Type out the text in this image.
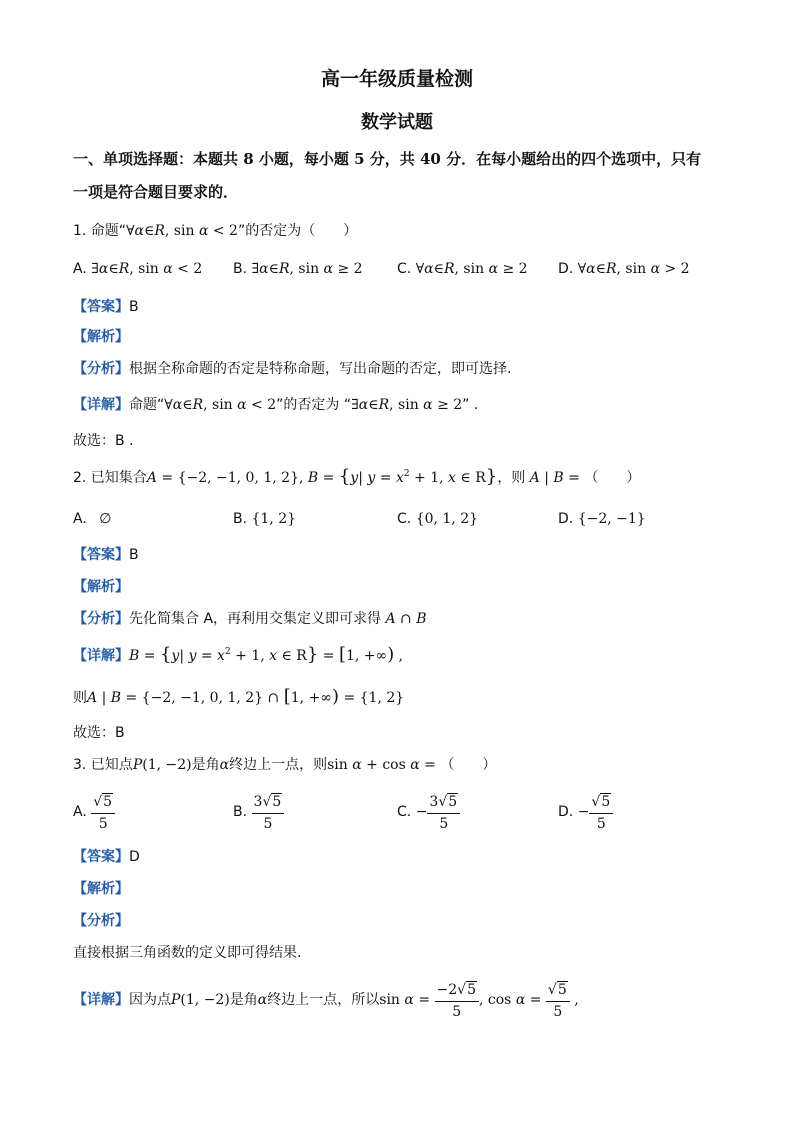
高一年级质量检测
数学试题
一、单项选择题：本题共 8 小题，每小题 5 分，共 40 分．在每小题给出的四个选项中，只有
一项是符合题目要求的．
1. 命题“∀α∈R, sin α < 2”的否定为（　　）
A. ∃α∈R, sin α < 2 B. ∃α∈R, sin α ≥ 2 C. ∀α∈R, sin α ≥ 2 D. ∀α∈R, sin α > 2
【答案】B
【解析】
【分析】根据全称命题的否定是特称命题，写出命题的否定，即可选择.
【详解】命题“∀α∈R, sin α < 2”的否定为 “∃α∈R, sin α ≥ 2” .
故选：B .
2. 已知集合A = {−2, −1, 0, 1, 2}, B = {y| $y = x^2 + 1$, x ∈ R}，则 A | B = （　　）
A. ∅	B. {1, 2}	C. {0, 1, 2}	D. {−2, −1}
【答案】B
【解析】
【分析】先化简集合 A，再利用交集定义即可求得 A ∩ B
【详解】B = {y| $y = x^2 + 1$, x ∈ R} = [1, +∞) ,
则A | B = {−2, −1, 0, 1, 2} ∩ [1, +∞) = {1, 2}
故选：B
3. 已知点P(1, −2)是角α终边上一点，则sin α + cos α = （　　）
A. $\frac{√5}{5}$	B. $\frac{3√5}{5}$	C. − $\frac{3√5}{5}$	D. − $\frac{√5}{5}$
【答案】D
【解析】
【分析】
直接根据三角函数的定义即可得结果.
【详解】因为点P(1, −2)是角α终边上一点，所以$\sin \alpha = \frac{-2√5}{5}$ , $\cos \alpha = \frac{√5}{5}$ ,
